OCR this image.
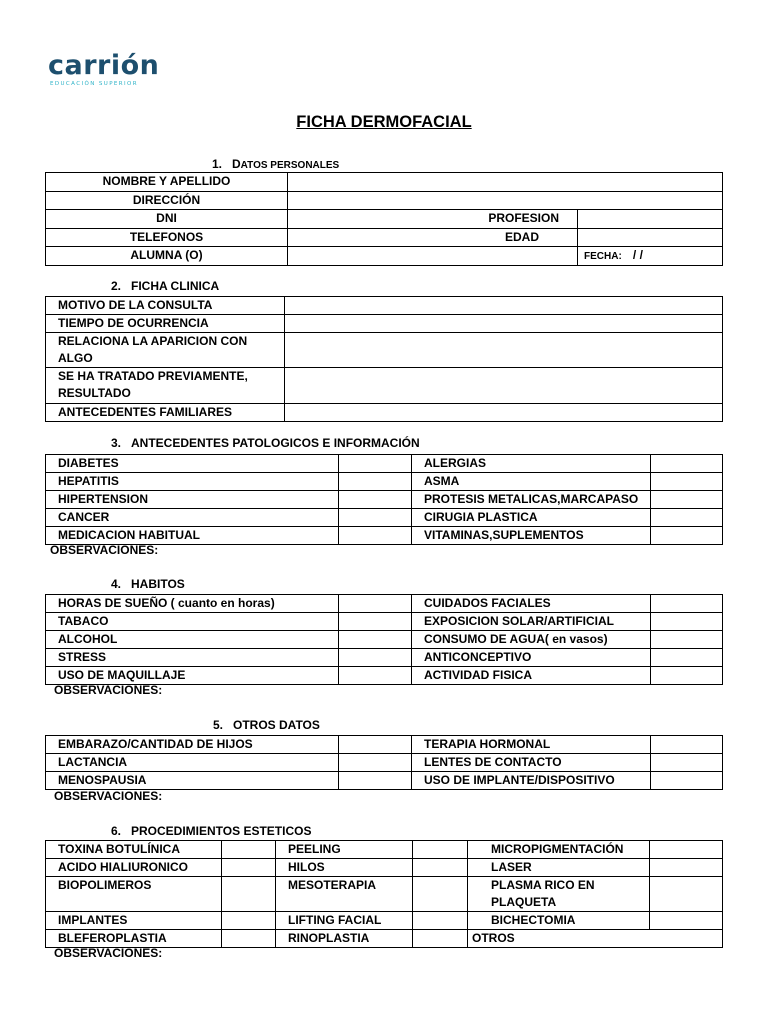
carrión
EDUCACIÓN SUPERIOR
FICHA DERMOFACIAL
1. DATOS PERSONALES
NOMBRE Y APELLIDO		
DIRECCIÓN		
DNI	PROFESION	
TELEFONOS	EDAD	
ALUMNA (O)		FECHA: / /
2. FICHA CLINICA
MOTIVO DE LA CONSULTA	
TIEMPO DE OCURRENCIA	
RELACIONA LA APARICION CON ALGO	
SE HA TRATADO PREVIAMENTE, RESULTADO	
ANTECEDENTES FAMILIARES	
3. ANTECEDENTES PATOLOGICOS E INFORMACIÓN
DIABETES		ALERGIAS	
HEPATITIS		ASMA	
HIPERTENSION		PROTESIS METALICAS,MARCAPASO	
CANCER		CIRUGIA PLASTICA	
MEDICACION HABITUAL		VITAMINAS,SUPLEMENTOS	
OBSERVACIONES:
4. HABITOS
HORAS DE SUEÑO ( cuanto en horas)		CUIDADOS FACIALES	
TABACO		EXPOSICION SOLAR/ARTIFICIAL	
ALCOHOL		CONSUMO DE AGUA( en vasos)	
STRESS		ANTICONCEPTIVO	
USO DE MAQUILLAJE		ACTIVIDAD FISICA	
OBSERVACIONES:
5. OTROS DATOS
EMBARAZO/CANTIDAD DE HIJOS		TERAPIA HORMONAL	
LACTANCIA		LENTES DE CONTACTO	
MENOSPAUSIA		USO DE IMPLANTE/DISPOSITIVO	
OBSERVACIONES:
6. PROCEDIMIENTOS ESTETICOS
TOXINA BOTULÍNICA		PEELING		MICROPIGMENTACIÓN	
ACIDO HIALIURONICO		HILOS		LASER	
BIOPOLIMEROS		MESOTERAPIA		PLASMA RICO EN PLAQUETA	
IMPLANTES		LIFTING FACIAL		BICHECTOMIA	
BLEFEROPLASTIA		RINOPLASTIA		OTROS	
OBSERVACIONES:
